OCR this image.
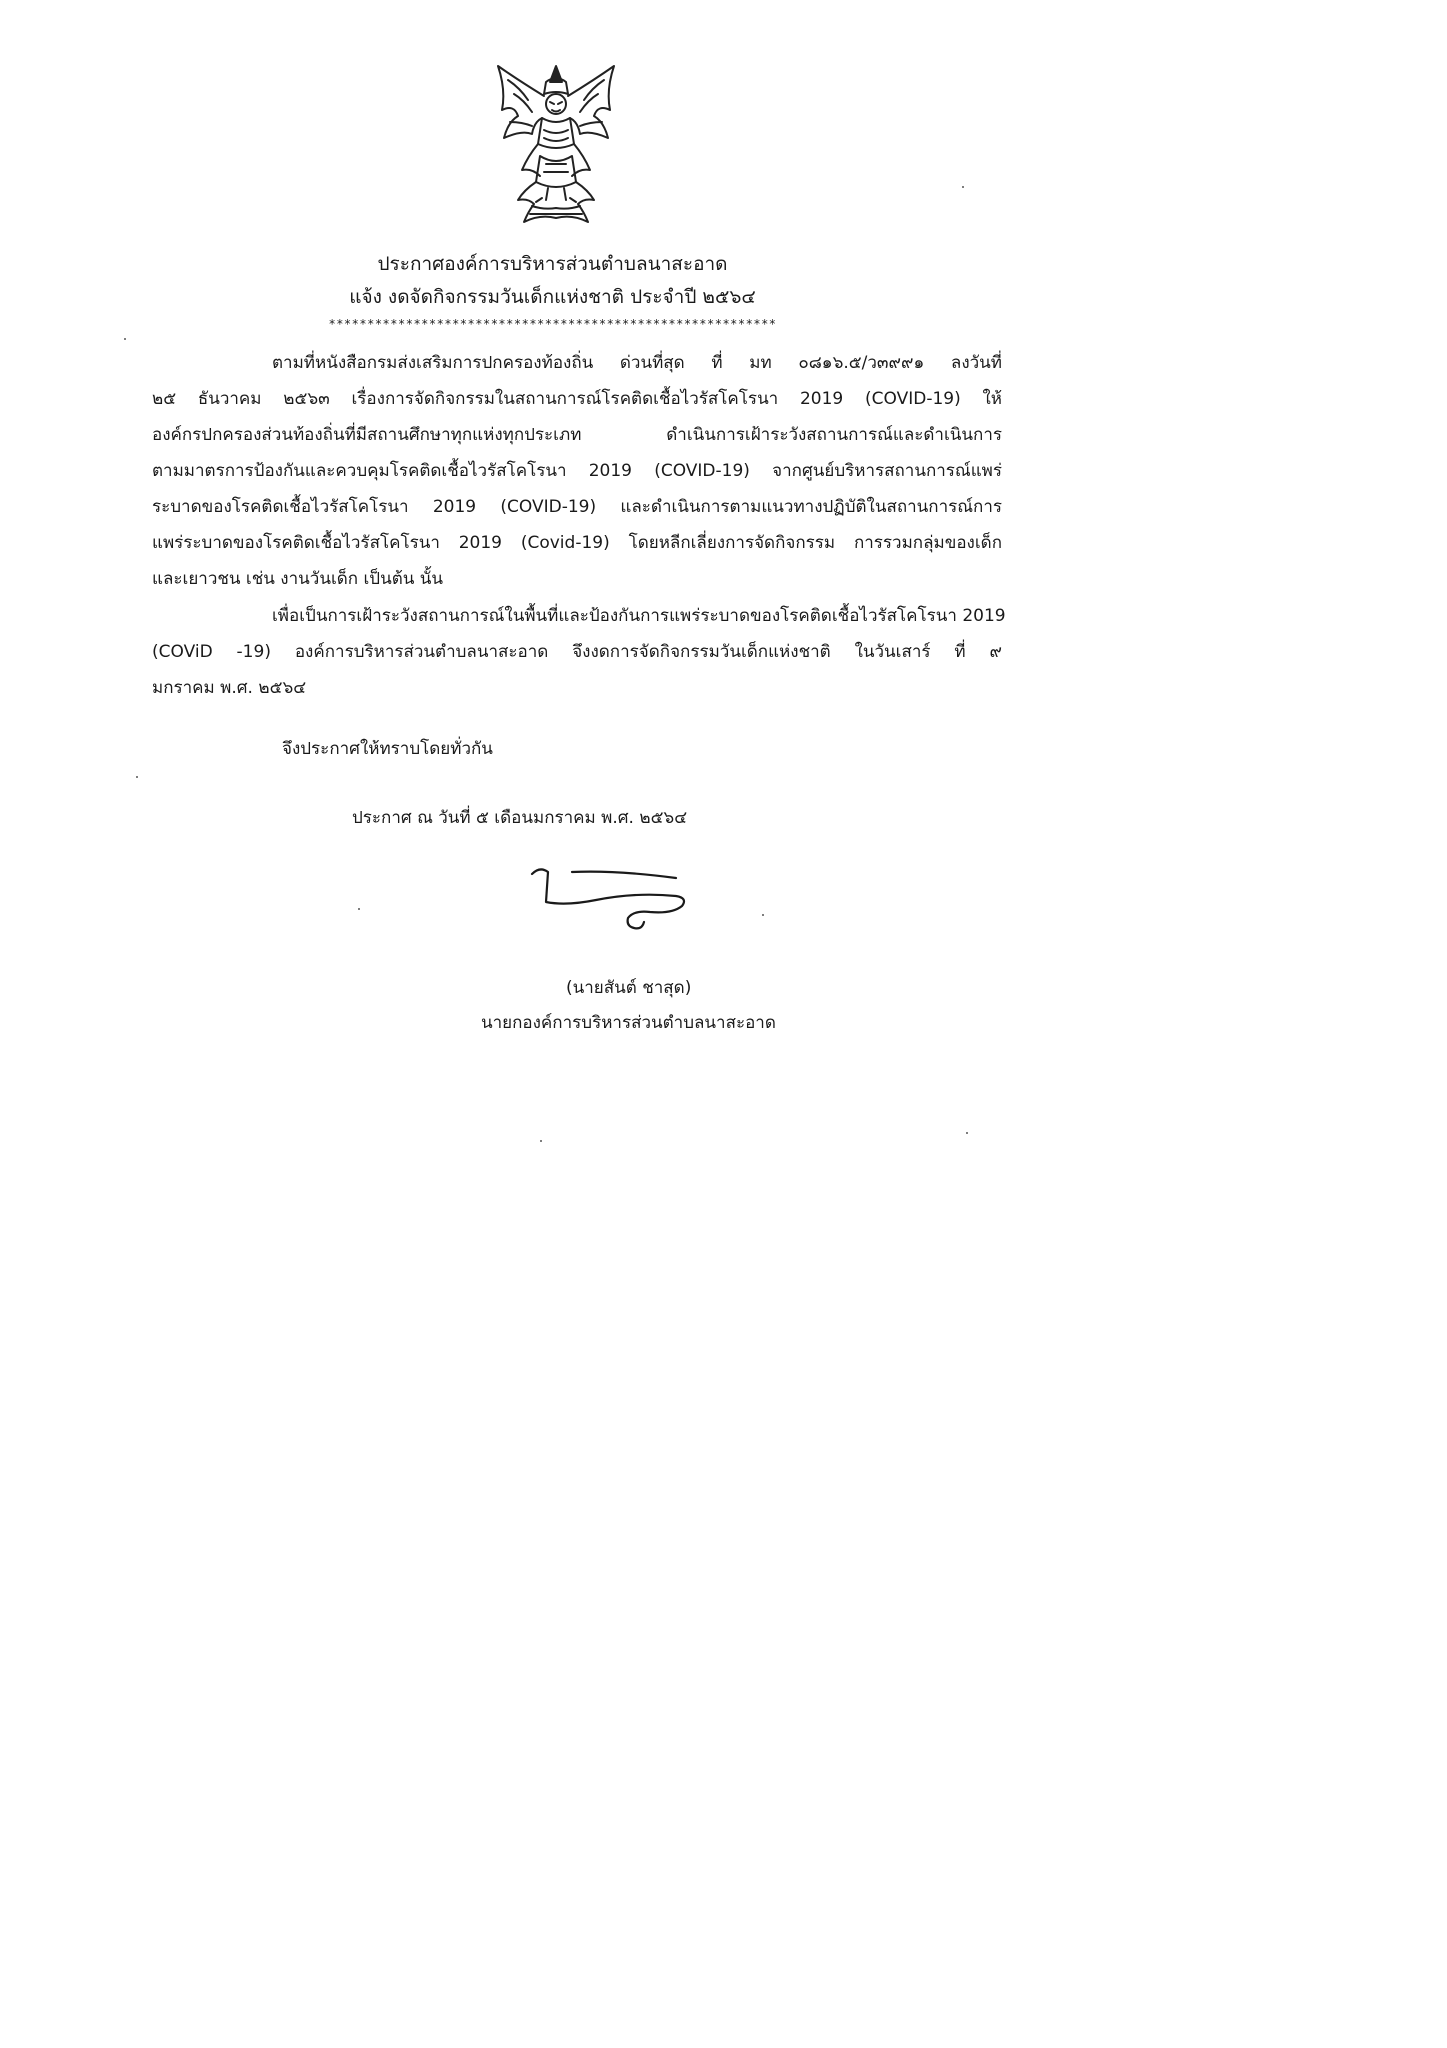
ประกาศองค์การบริหารส่วนตำบลนาสะอาด
แจ้ง งดจัดกิจกรรมวันเด็กแห่งชาติ ประจำปี ๒๕๖๔
**********************************************************
ตามที่หนังสือกรมส่งเสริมการปกครองท้องถิ่น ด่วนที่สุด ที่ มท ๐๘๑๖.๕/ว๓๙๙๑ ลงวันที่
๒๕ ธันวาคม ๒๕๖๓ เรื่องการจัดกิจกรรมในสถานการณ์โรคติดเชื้อไวรัสโคโรนา 2019 (COVID-19) ให้
องค์กรปกครองส่วนท้องถิ่นที่มีสถานศึกษาทุกแห่งทุกประเภท ดำเนินการเฝ้าระวังสถานการณ์และดำเนินการ
ตามมาตรการป้องกันและควบคุมโรคติดเชื้อไวรัสโคโรนา 2019 (COVID-19) จากศูนย์บริหารสถานการณ์แพร่
ระบาดของโรคติดเชื้อไวรัสโคโรนา 2019 (COVID-19) และดำเนินการตามแนวทางปฏิบัติในสถานการณ์การ
แพร่ระบาดของโรคติดเชื้อไวรัสโคโรนา 2019 (Covid-19) โดยหลีกเลี่ยงการจัดกิจกรรม การรวมกลุ่มของเด็ก
และเยาวชน เช่น งานวันเด็ก เป็นต้น นั้น
เพื่อเป็นการเฝ้าระวังสถานการณ์ในพื้นที่และป้องกันการแพร่ระบาดของโรคติดเชื้อไวรัสโคโรนา 2019
(COViD -19) องค์การบริหารส่วนตำบลนาสะอาด จึงงดการจัดกิจกรรมวันเด็กแห่งชาติ ในวันเสาร์ ที่ ๙
มกราคม พ.ศ. ๒๕๖๔
จึงประกาศให้ทราบโดยทั่วกัน
ประกาศ ณ วันที่ ๕ เดือนมกราคม พ.ศ. ๒๕๖๔
(นายสันต์ ชาสุด)
นายกองค์การบริหารส่วนตำบลนาสะอาด
